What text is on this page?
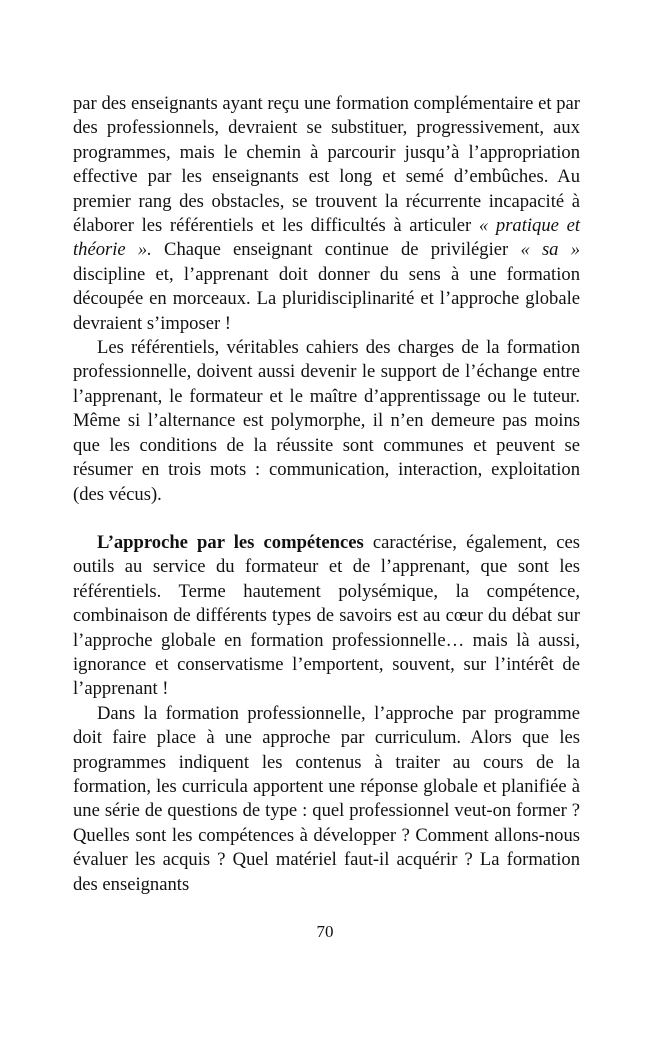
par des enseignants ayant reçu une formation complémentaire et par des professionnels, devraient se substituer, progressivement, aux programmes, mais le chemin à parcourir jusqu’à l’appropriation effective par les enseignants est long et semé d’embûches. Au premier rang des obstacles, se trouvent la récurrente incapacité à élaborer les référentiels et les difficultés à articuler « pratique et théorie ». Chaque enseignant continue de privilégier « sa » discipline et, l’apprenant doit donner du sens à une formation découpée en morceaux. La pluridisciplinarité et l’approche globale devraient s’imposer !

Les référentiels, véritables cahiers des charges de la formation professionnelle, doivent aussi devenir le support de l’échange entre l’apprenant, le formateur et le maître d’apprentissage ou le tuteur. Même si l’alternance est polymorphe, il n’en demeure pas moins que les conditions de la réussite sont communes et peuvent se résumer en trois mots : communication, interaction, exploitation (des vécus).

L’approche par les compétences caractérise, également, ces outils au service du formateur et de l’apprenant, que sont les référentiels. Terme hautement polysémique, la compétence, combinaison de différents types de savoirs est au cœur du débat sur l’approche globale en formation professionnelle… mais là aussi, ignorance et conservatisme l’emportent, souvent, sur l’intérêt de l’apprenant !

Dans la formation professionnelle, l’approche par programme doit faire place à une approche par curriculum. Alors que les programmes indiquent les contenus à traiter au cours de la formation, les curricula apportent une réponse globale et planifiée à une série de questions de type : quel professionnel veut-on former ? Quelles sont les compétences à développer ? Comment allons-nous évaluer les acquis ? Quel matériel faut-il acquérir ? La formation des enseignants

70
